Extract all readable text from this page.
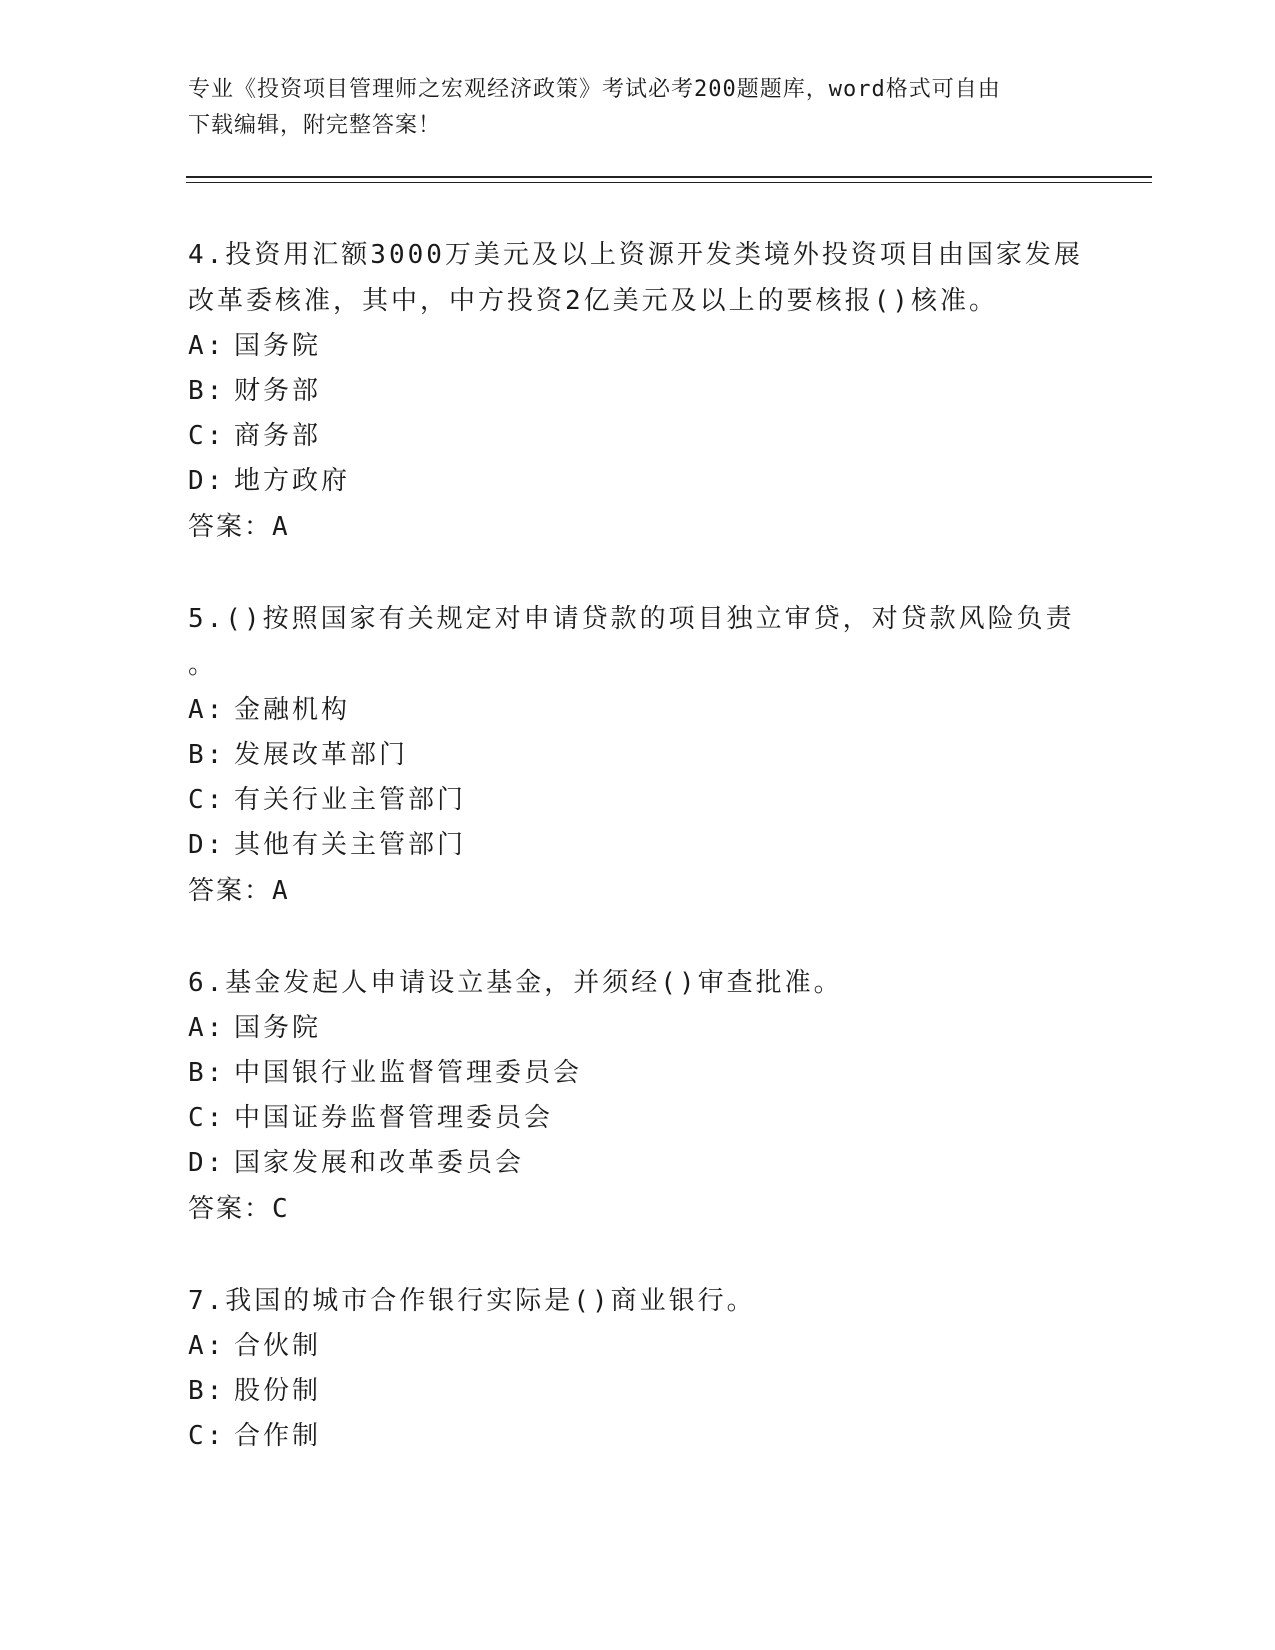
专业《投资项目管理师之宏观经济政策》考试必考200题题库，word格式可自由
下载编辑，附完整答案！
4.投资用汇额3000万美元及以上资源开发类境外投资项目由国家发展
改革委核准，其中，中方投资2亿美元及以上的要核报()核准。
A: 国务院
B: 财务部
C: 商务部
D: 地方政府
答案：A
5.()按照国家有关规定对申请贷款的项目独立审贷，对贷款风险负责
。
A: 金融机构
B: 发展改革部门
C: 有关行业主管部门
D: 其他有关主管部门
答案：A
6.基金发起人申请设立基金，并须经()审查批准。
A: 国务院
B: 中国银行业监督管理委员会
C: 中国证券监督管理委员会
D: 国家发展和改革委员会
答案：C
7.我国的城市合作银行实际是()商业银行。
A: 合伙制
B: 股份制
C: 合作制
